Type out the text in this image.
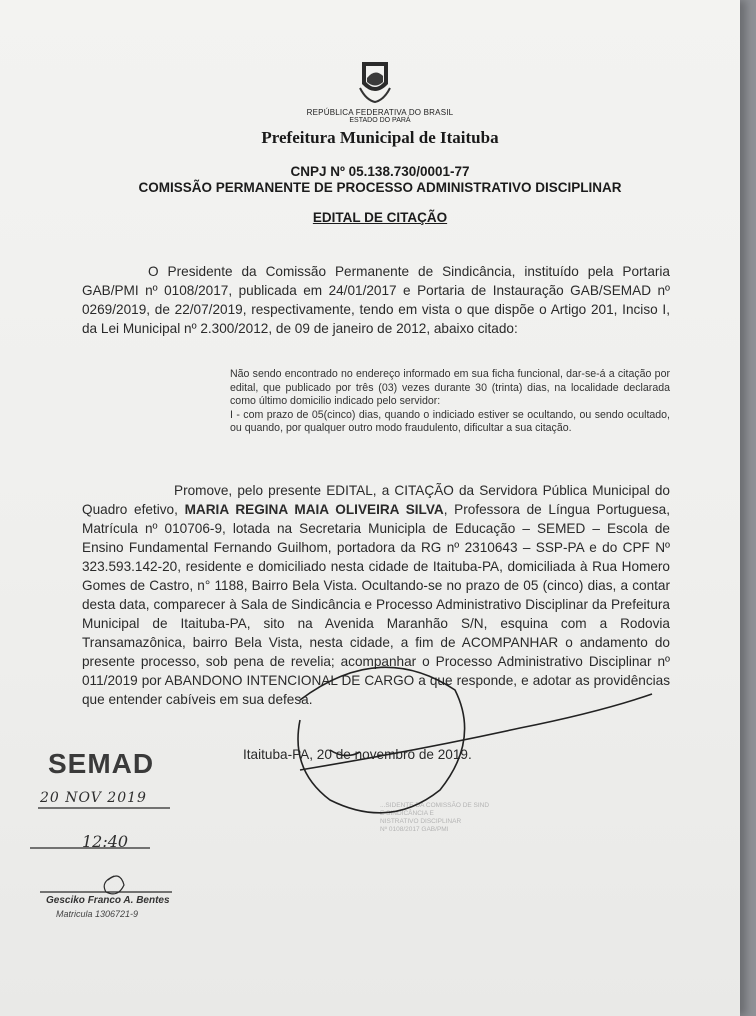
REPÚBLICA FEDERATIVA DO BRASIL
ESTADO DO PARÁ
Prefeitura Municipal de Itaituba
CNPJ Nº 05.138.730/0001-77
COMISSÃO PERMANENTE DE PROCESSO ADMINISTRATIVO DISCIPLINAR
EDITAL DE CITAÇÃO
O Presidente da Comissão Permanente de Sindicância, instituído pela Portaria GAB/PMI nº 0108/2017, publicada em 24/01/2017 e Portaria de Instauração GAB/SEMAD nº 0269/2019, de 22/07/2019, respectivamente, tendo em vista o que dispõe o Artigo 201, Inciso I, da Lei Municipal nº 2.300/2012, de 09 de janeiro de 2012, abaixo citado:

Não sendo encontrado no endereço informado em sua ficha funcional, dar-se-á a citação por edital, que publicado por três (03) vezes durante 30 (trinta) dias, na localidade declarada como último domicilio indicado pelo servidor:

I - com prazo de 05(cinco) dias, quando o indiciado estiver se ocultando, ou sendo ocultado, ou quando, por qualquer outro modo fraudulento, dificultar a sua citação.

Promove, pelo presente EDITAL, a CITAÇÃO da Servidora Pública Municipal do Quadro efetivo, MARIA REGINA MAIA OLIVEIRA SILVA, Professora de Língua Portuguesa, Matrícula nº 010706-9, lotada na Secretaria Municipla de Educação – SEMED – Escola de Ensino Fundamental Fernando Guilhom, portadora da RG nº 2310643 – SSP-PA e do CPF Nº 323.593.142-20, residente e domiciliado nesta cidade de Itaituba-PA, domiciliada à Rua Homero Gomes de Castro, n° 1188, Bairro Bela Vista. Ocultando-se no prazo de 05 (cinco) dias, a contar desta data, comparecer à Sala de Sindicância e Processo Administrativo Disciplinar da Prefeitura Municipal de Itaituba-PA, sito na Avenida Maranhão S/N, esquina com a Rodovia Transamazônica, bairro Bela Vista, nesta cidade, a fim de ACOMPANHAR o andamento do presente processo, sob pena de revelia; acompanhar o Processo Administrativo Disciplinar nº 011/2019 por ABANDONO INTENCIONAL DE CARGO a que responde, e adotar as providências que entender cabíveis em sua defesa.
Itaituba-PA, 20 de novembro de 2019.
...SIDENTE DA COMISSÃO DE SIND
E SINDICÂNCIA E
NISTRATIVO DISCIPLINAR
Nº 0108/2017 GAB/PMI
SEMAD
20 NOV 2019
12:40
Gesciko Franco A. Bentes
Matricula 1306721-9
